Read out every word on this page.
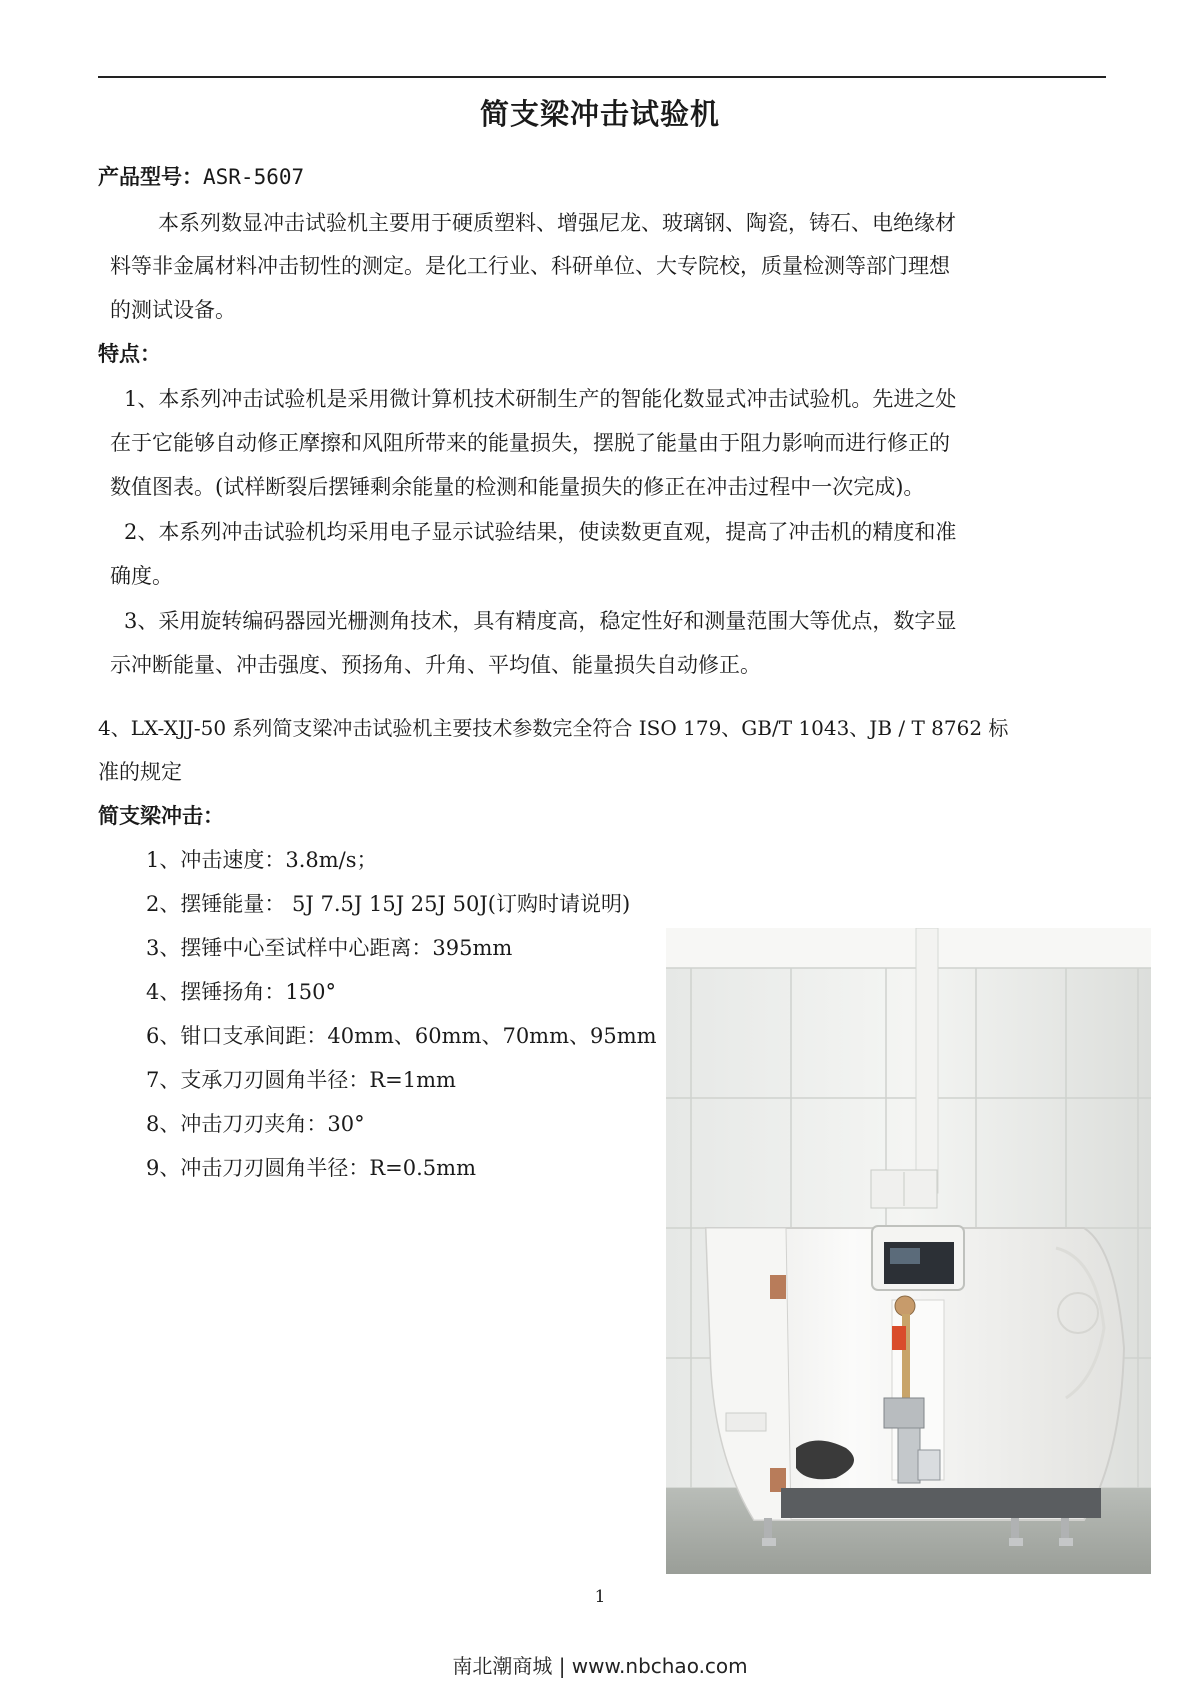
简支梁冲击试验机
产品型号：ASR-5607
本系列数显冲击试验机主要用于硬质塑料、增强尼龙、玻璃钢、陶瓷，铸石、电绝缘材
料等非金属材料冲击韧性的测定。是化工行业、科研单位、大专院校，质量检测等部门理想
的测试设备。
特点：
1、本系列冲击试验机是采用微计算机技术研制生产的智能化数显式冲击试验机。先进之处
在于它能够自动修正摩擦和风阻所带来的能量损失，摆脱了能量由于阻力影响而进行修正的
数值图表。(试样断裂后摆锤剩余能量的检测和能量损失的修正在冲击过程中一次完成)。
2、本系列冲击试验机均采用电子显示试验结果，使读数更直观，提高了冲击机的精度和准
确度。
3、采用旋转编码器园光栅测角技术，具有精度高，稳定性好和测量范围大等优点，数字显
示冲断能量、冲击强度、预扬角、升角、平均值、能量损失自动修正。
4、LX-XJJ-50 系列简支梁冲击试验机主要技术参数完全符合 ISO 179、GB/T 1043、JB / T 8762 标
准的规定
简支梁冲击：
1、冲击速度：3.8m/s；
2、摆锤能量： 5J 7.5J 15J 25J 50J(订购时请说明)
3、摆锤中心至试样中心距离：395mm
4、摆锤扬角：150°
6、钳口支承间距：40mm、60mm、70mm、95mm
7、支承刀刃圆角半径：R=1mm
8、冲击刀刃夹角：30°
9、冲击刀刃圆角半径：R=0.5mm
1
南北潮商城 | www.nbchao.com
